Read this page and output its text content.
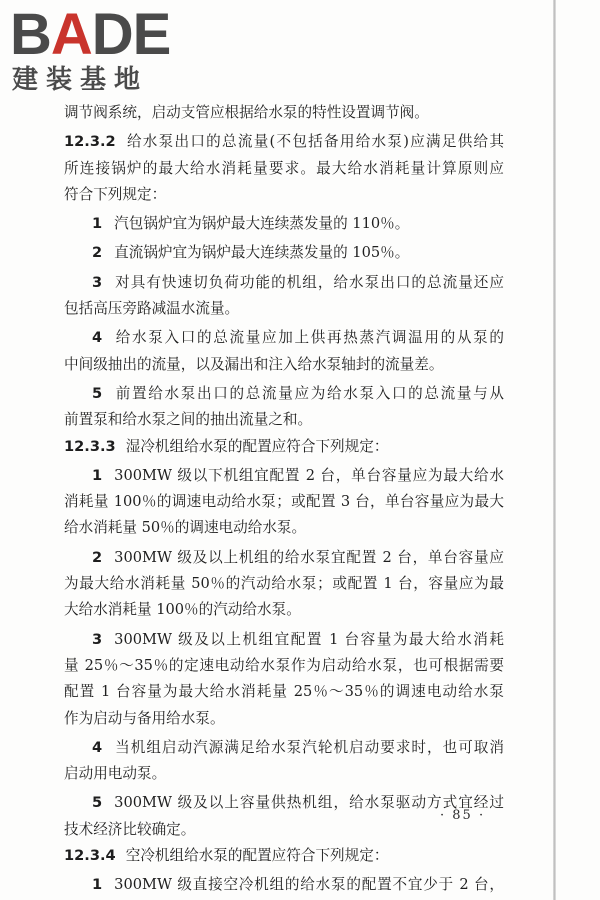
BADE
建装基地
调节阀系统，启动支管应根据给水泵的特性设置调节阀。
12.3.2 给水泵出口的总流量(不包括备用给水泵)应满足供给其
所连接锅炉的最大给水消耗量要求。最大给水消耗量计算原则应
符合下列规定：
1 汽包锅炉宜为锅炉最大连续蒸发量的 110％。
2 直流锅炉宜为锅炉最大连续蒸发量的 105％。
3 对具有快速切负荷功能的机组，给水泵出口的总流量还应
包括高压旁路减温水流量。
4 给水泵入口的总流量应加上供再热蒸汽调温用的从泵的
中间级抽出的流量，以及漏出和注入给水泵轴封的流量差。
5 前置给水泵出口的总流量应为给水泵入口的总流量与从
前置泵和给水泵之间的抽出流量之和。
12.3.3 湿冷机组给水泵的配置应符合下列规定：
1 300MW 级以下机组宜配置 2 台，单台容量应为最大给水
消耗量 100％的调速电动给水泵；或配置 3 台，单台容量应为最大
给水消耗量 50％的调速电动给水泵。
2 300MW 级及以上机组的给水泵宜配置 2 台，单台容量应
为最大给水消耗量 50％的汽动给水泵；或配置 1 台，容量应为最
大给水消耗量 100％的汽动给水泵。
3 300MW 级及以上机组宜配置 1 台容量为最大给水消耗
量 25％～35％的定速电动给水泵作为启动给水泵，也可根据需要
配置 1 台容量为最大给水消耗量 25％～35％的调速电动给水泵
作为启动与备用给水泵。
4 当机组启动汽源满足给水泵汽轮机启动要求时，也可取消
启动用电动泵。
5 300MW 级及以上容量供热机组，给水泵驱动方式宜经过
技术经济比较确定。
12.3.4 空冷机组给水泵的配置应符合下列规定：
1 300MW 级直接空冷机组的给水泵的配置不宜少于 2 台，
· 85 ·
